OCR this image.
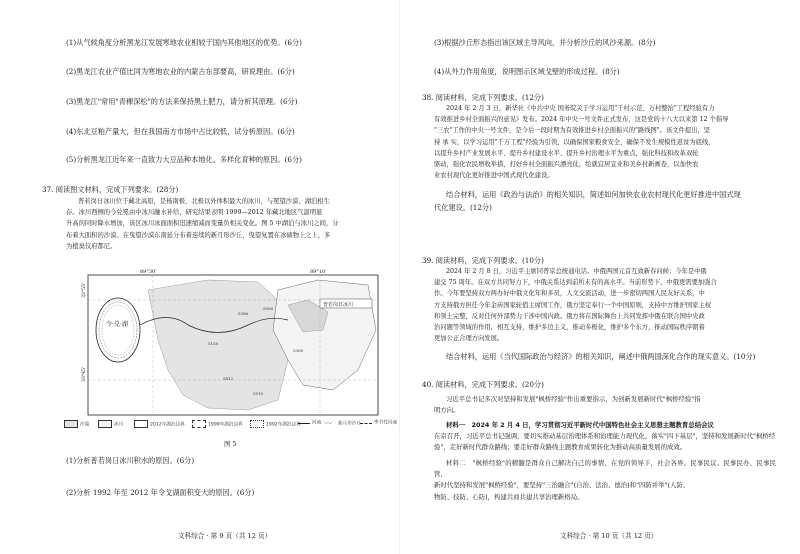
(1)从气候角度分析黑龙江发展寒地农业相较于国内其他地区的优势。(6分)
(2)黑龙江农业产值比同为寒地农业的内蒙古东部要高，研说理由。(6分)
(3)黑龙江"常用"青稞深松"的方法来保持黑土肥力，请分析其原理。(6分)
(4)东北豆粕产量大，但在我国南方市场中占比较低，试分析原因。(6分)
(5)分析黑龙江近年来一直致力大豆品种本地化、多样化育种的原因。(6分)
37. 阅读图文材料，完成下列要求。(28分)
普若岗日冰川位于藏北高原，是杨南极、北极以外体积最大的冰川，与冕望沙漠、湖泊相生
存。冰川西侧的今兑冕由中冰川融水补给，研究结果表明 1999—2012 年藏北地区气温明显
升高的同时降水增加，该区冰川冰面面积迅速缩减而变量负相关变化。图 5 中湖泊与冰川之间，分
布着大面积的沙漠。在曳望沙漠东南延分布着连续的新月形沙丘，曳望复置在冰碛物上之上，多
为植臭仪府都尼。
89°30'	89°10'
33°55'
33°45'
令·兑·湖
普若岗日冰川
5386
5560
5150
5385
5412
5510
沙漠	冰川	2012年湖泊边界	1999年湖泊边界	1992年湖泊边界	河流 ◡◡ 新月形沙丘	季节性河流
图 5
(1)分析普若岗日冰川积水的原因。(6分)
(2)分析 1992 年至 2012 年令戈湖面积变大的原因。(6分)
文科综合 · 第 9 页（共 12 页）
(3)根据沙丘形态指出该区域主导风向，并分析沙丘的风沙来源。(8分)
(4)从外力作用角度，说明图示区域戈壁的形成过程。(8分)
38. 阅读材料，完成下列要求。(12分)
2024 年 2 月 3 日，新华社《中共中央 国务院关于学习运用"千村示范、万村整治"工程经验有力
有效推进乡村全面振兴的意见》发布。2024 年中央一号文件正式发布，这是党的十八大以来第 12 个指导
"三农"工作的中央一号文件，是今后一段时期为有效推进乡村全面振兴的"路线图"。该文件提出，坚
持 承 实，以学习运用"千万工程"经验为引领，以确保国家粮食安全、确保不发生规模性返贫为底线，
以提升乡村产业发展水平、提升乡村建设水平、提升乡村治理水平为重点，强化科技和改革双轮
驱动，强化农民增收举措，打好乡村全面振兴漂亮仗，绘就宜居宜业和美乡村新画卷，以加快农
业农村现代化更好推进中国式现代化建设。
结合材料，运用《政治与法治》的相关知识，简述如何加快农业农村现代化更好推进中国式现
代化建设。(12分)
39. 阅读材料，完成下列要求。(10分)
2024 年 2 月 8 日，习近平主席同普京总统通电话。中俄两国元首互致新春问候：今年是中俄
建交 75 周年。在双方共同努力下，中俄关系达到前所未有的高水平。当前形势下，中俄更需要加强合
作。今年要坚持双方两办好中俄文化年和多员，人文交流活动，进一步密切两国人民友好关系，中
方支持俄方担任今年金砖国家轮值主席国工作，俄方坚定奉行一个中国原则，支持中方维护国家主权
和领土完整，反对任何外部势力干涉中国内政。俄方将在国际舞台上共同发挥中俄在联合国中央政
治问题等领域的作用，相互支持，维护多边主义，推动多极化，维护多个东方，推动国际秩序朝着
更加公正合理方向发展。
结合材料，运用《当代国际政治与经济》的相关知识，阐述中俄两国深化合作的现实意义。(10分)
40. 阅读材料，完成下列要求。(20分)
习近平总书记多次对坚持和发展"枫桥经验"作出重要指示，为创新发展新时代"枫桥经验"指
明方向。
材料一　2024 年 2 月 4 日，学习贯彻习近平新时代中国特色社会主义思想主题教育总结会议
在京召开，习近平总书记强调，要切实推动基层治理体系和治理能力现代化，落实"四下基层"，坚持和发展新时代"枫桥经
验"，走好新时代群众路线；要走好群众路线主题教育成果转化为推动高质量发展的成效。
材料二　"枫桥经验"的精髓是群众自己解决自己的事情，在党的领导下，社会各界、民事民议、民事民办、民事民管，
新时代坚持和发展"枫桥经验"，要坚持"三治融合"(自治、法治、德治)和"四防并举"(人防、
物防、技防、心防)，构建共商共建共享治理新格局。
文科综合 · 第 10 页（共 12 页）
